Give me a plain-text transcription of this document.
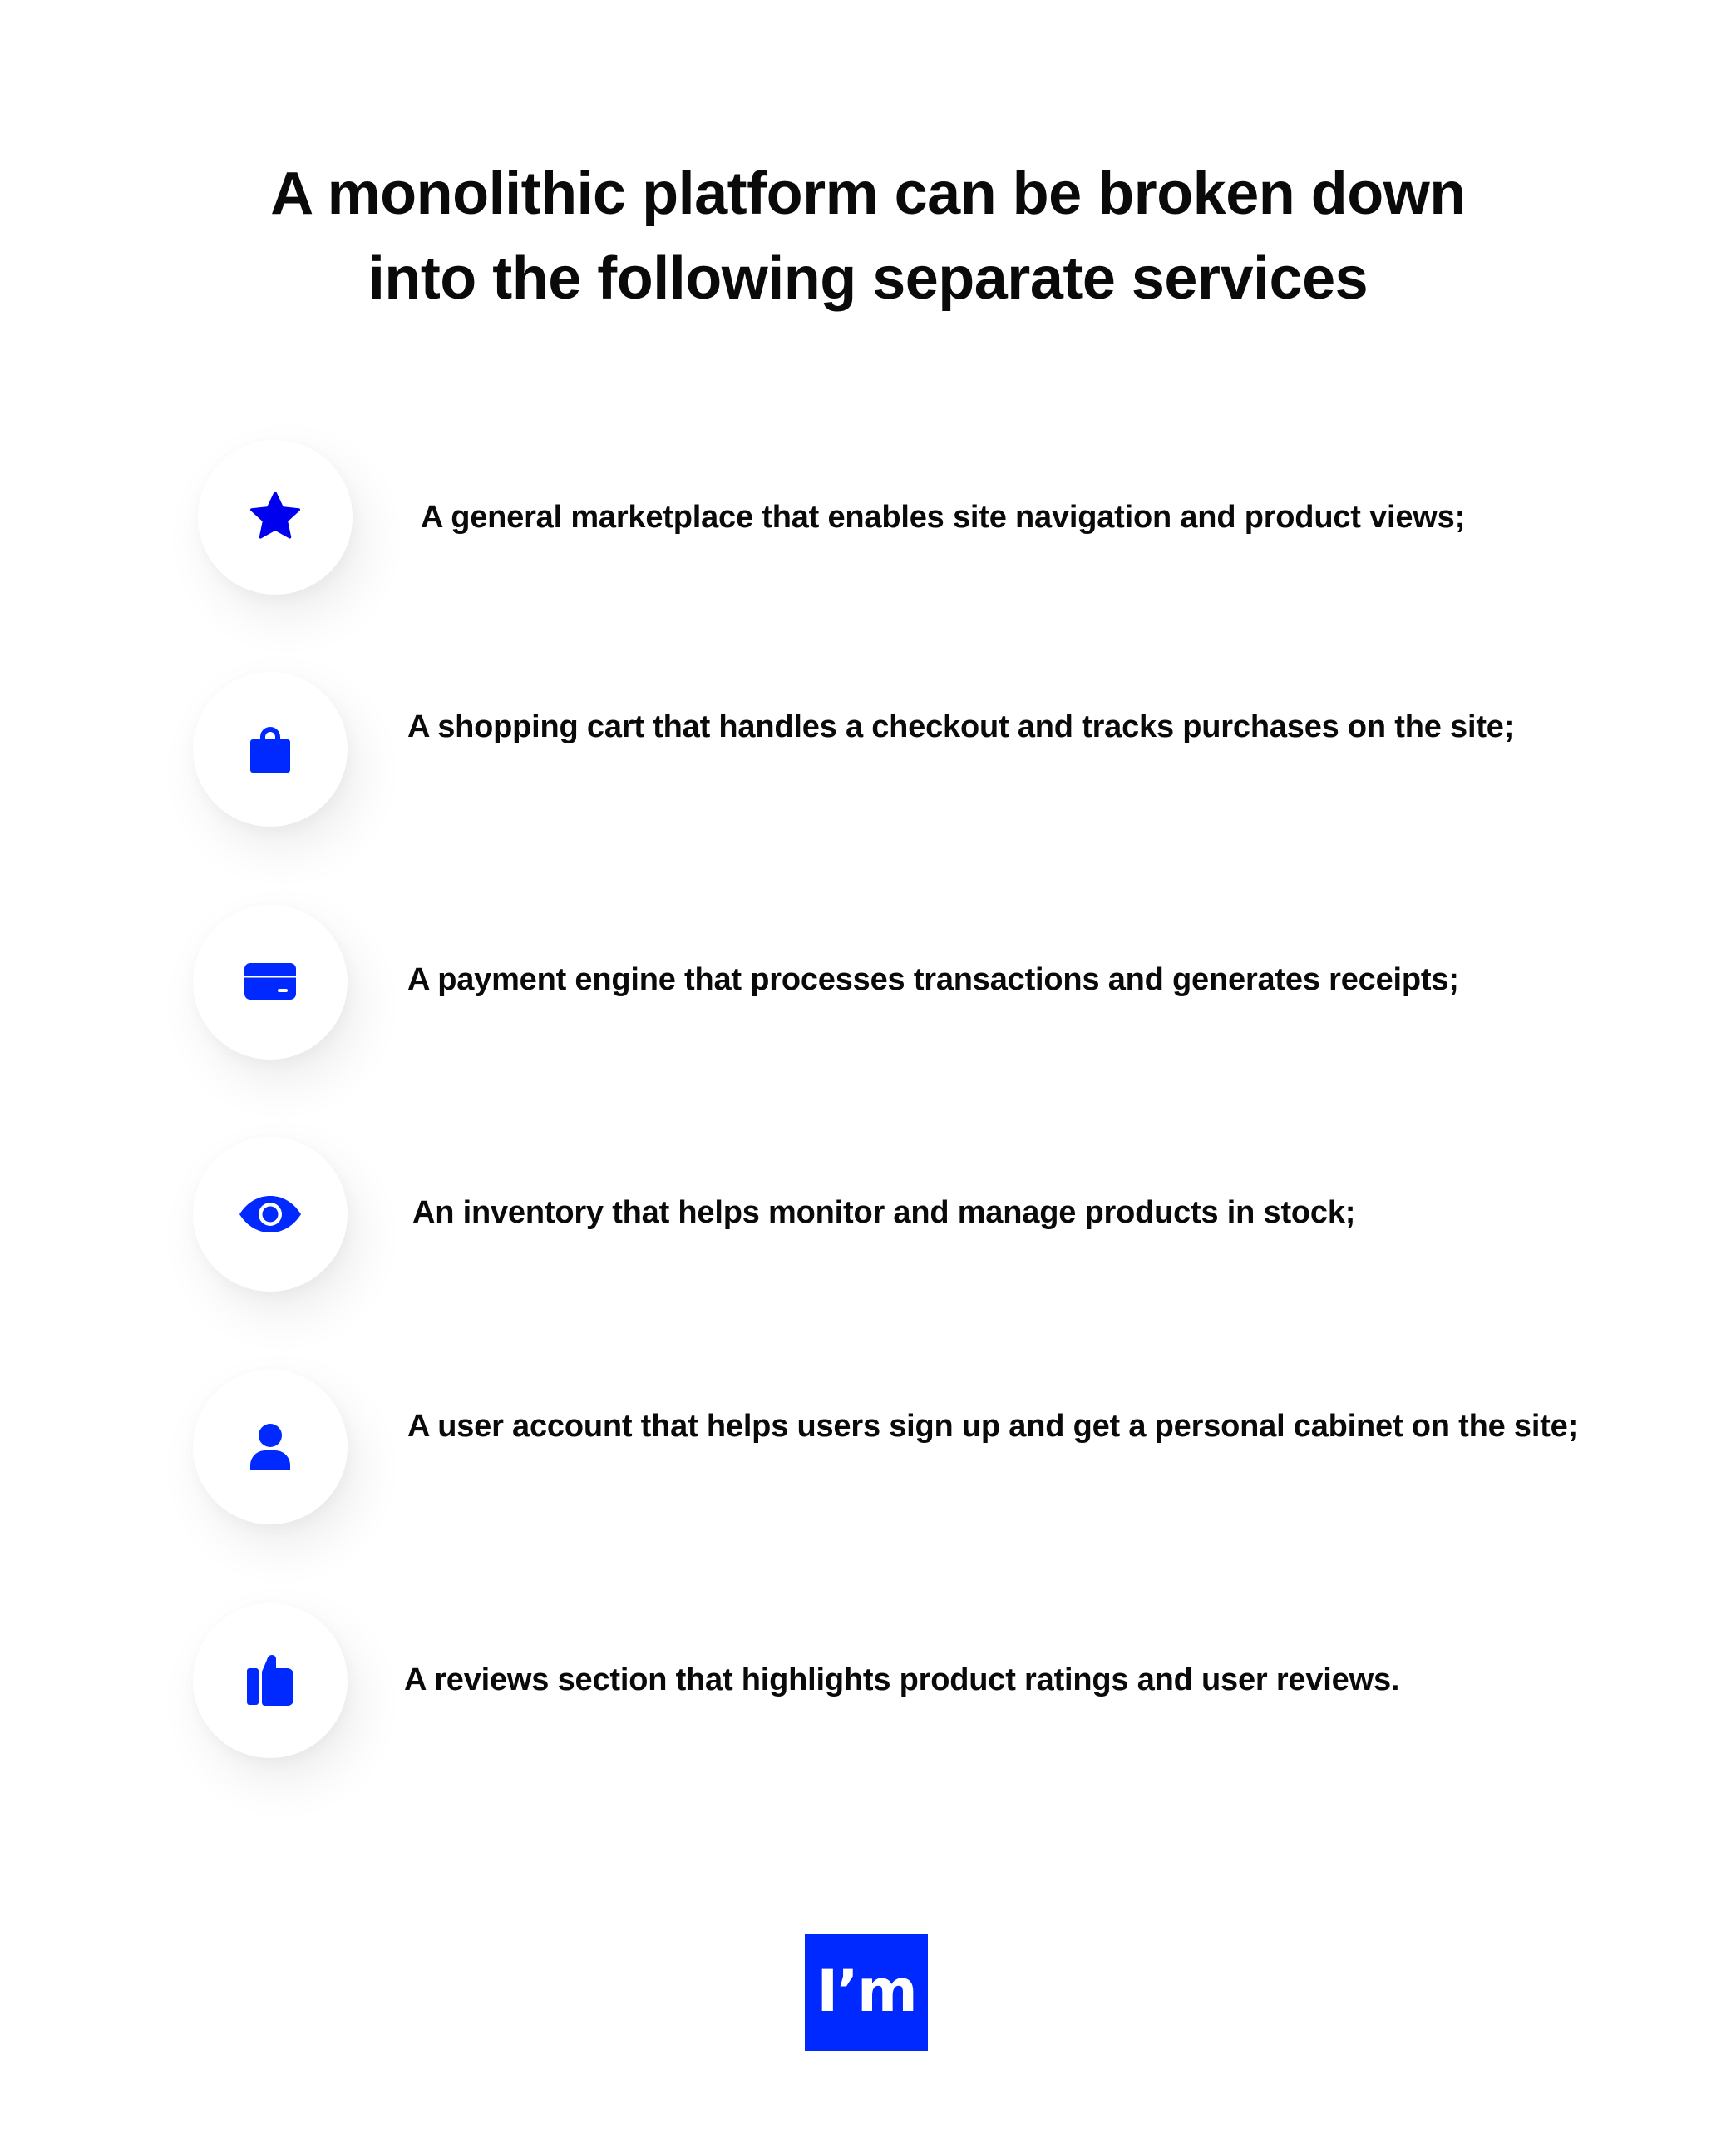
A monolithic platform can be broken down
into the following separate services
A general marketplace that enables site navigation and product views;
A shopping cart that handles a checkout and tracks purchases on the site;
A payment engine that processes transactions and generates receipts;
An inventory that helps monitor and manage products in stock;
A user account that helps users sign up and get a personal cabinet on the site;
A reviews section that highlights product ratings and user reviews.
I’m
